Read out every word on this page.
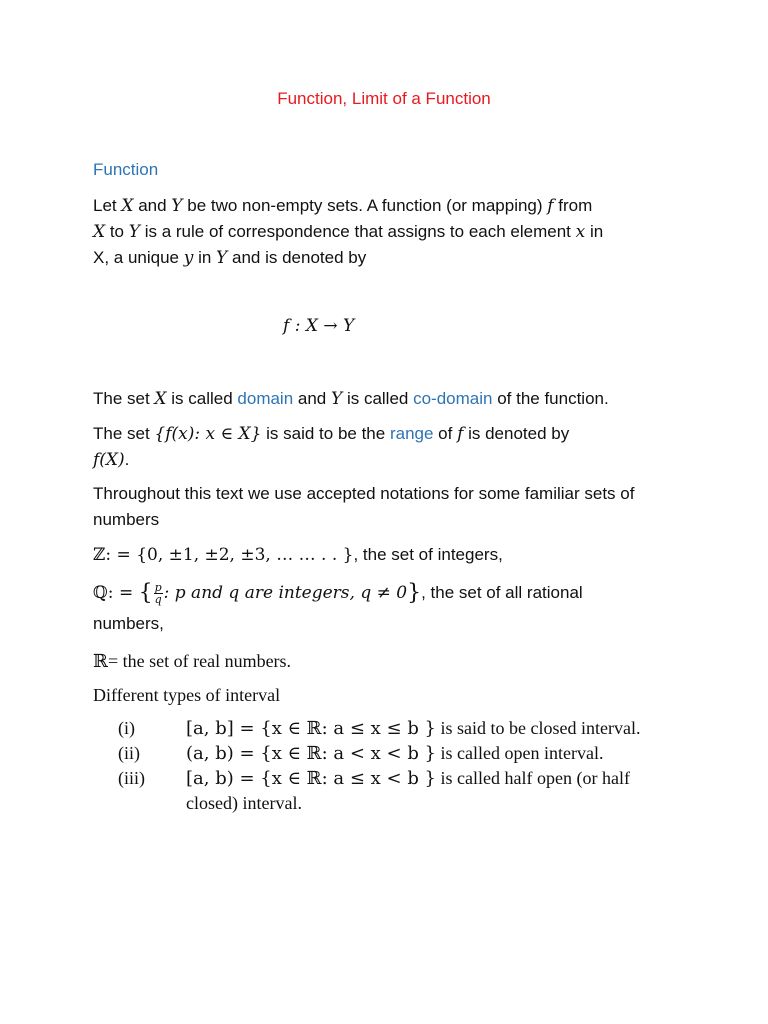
Function, Limit of a Function
Function
Let X and Y be two non-empty sets. A function (or mapping) f from
X to Y is a rule of correspondence that assigns to each element x in
X, a unique y in Y and is denoted by
f : X → Y
The set X is called domain and Y is called co-domain of the function.
The set {f(x): x ∈ X} is said to be the range of f is denoted by
f(X).
Throughout this text we use accepted notations for some familiar sets of numbers
ℤ: = {0, ±1, ±2, ±3, … … . . }, the set of integers,
ℚ: = { $\frac{p}{q}$ : p and q are integers, q ≠ 0}, the set of all rational
numbers,
ℝ= the set of real numbers.
Different types of interval
(i)	[a, b] = {x ∈ ℝ: a ≤ x ≤ b } is said to be closed interval.
(ii)	(a, b) = {x ∈ ℝ: a < x < b } is called open interval.
(iii) [a, b) = {x ∈ ℝ: a ≤ x < b } is called half open (or half closed) interval.
